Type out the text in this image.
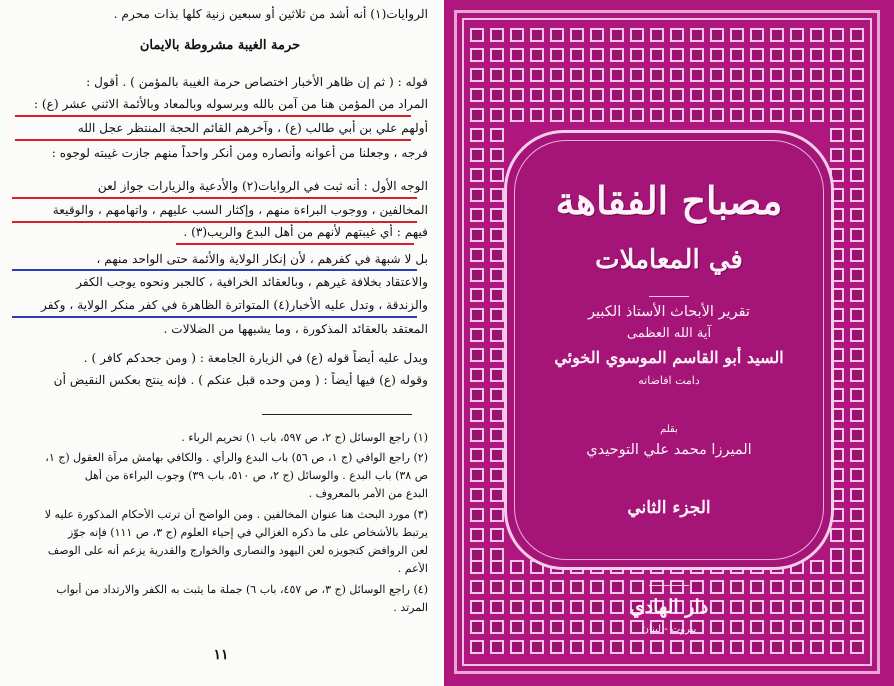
الروايات(١) أنه أشد من ثلاثين أو سبعين زنية كلها بذات محرم .
حرمة الغيبة مشروطة بالايمان
قوله : ( ثم إن ظاهر الأخبار اختصاص حرمة الغيبة بالمؤمن ) . أقول :
المراد من المؤمن هنا من آمن بالله وبرسوله وبالمعاد وبالأئمة الاثني عشر (ع) :
أولهم علي بن أبي طالب (ع) ، وآخرهم القائم الحجة المنتظر عجل الله
فرجه ، وجعلنا من أعوانه وأنصاره ومن أنكر واحداً منهم جازت غيبته لوجوه :
الوجه الأول : أنه ثبت في الروايات(٢) والأدعية والزيارات جواز لعن
المخالفين ، ووجوب البراءة منهم ، وإكثار السب عليهم ، واتهامهم ، والوقيعة
فيهم : أي غيبتهم لأنهم من أهل البدع والريب(٣) .
بل لا شبهة في كفرهم ، لأن إنكار الولاية والأئمة حتى الواحد منهم ،
والاعتقاد بخلافة غيرهم ، وبالعقائد الخرافية ، كالجبر ونحوه يوجب الكفر
والزندقة ، وتدل عليه الأخبار(٤) المتواترة الظاهرة في كفر منكر الولاية ، وكفر
المعتقد بالعقائد المذكورة ، وما يشبهها من الضلالات .
ويدل عليه أيضاً قوله (ع) في الزيارة الجامعة : ( ومن جحدكم كافر ) .
وقوله (ع) فيها أيضاً : ( ومن وحده قبل عنكم ) . فإنه ينتج بعكس النقيض أن
(١) راجع الوسائل (ج ٢، ص ٥٩٧، باب ١) تحريم الرباء .
(٢) راجع الوافي (ج ١، ص ٥٦) باب البدع والرأي . والكافي بهامش مرآة العقول (ج ١،
ص ٣٨) باب البدع . والوسائل (ج ٢، ص ٥١٠، باب ٣٩) وجوب البراءة من أهل
البدع من الأمر بالمعروف .
(٣) مورد البحث هنا عنوان المخالفين . ومن الواضح أن ترتب الأحكام المذكورة عليه لا
يرتبط بالأشخاص على ما ذكره الغزالي في إحياء العلوم (ج ٣، ص ١١١) فإنه جوّز
لعن الروافض كتجويزه لعن اليهود والنصارى والخوارج والقدرية يزعم أنه على الوصف
الأعم .
(٤) راجع الوسائل (ج ٣، ص ٤٥٧، باب ٦) جملة ما يثبت به الكفر والارتداد من أبواب
المرتد .
١١
مصباح الفقاهة
في المعاملات
تقرير الأبحاث الأستاذ الكبير
آية الله العظمى
السيد أبو القاسم الموسوي الخوئي
دامت افاضاته
بقلم
الميرزا محمد علي التوحيدي
الجزء الثاني
دار الهادي
بيروت - لبنان
